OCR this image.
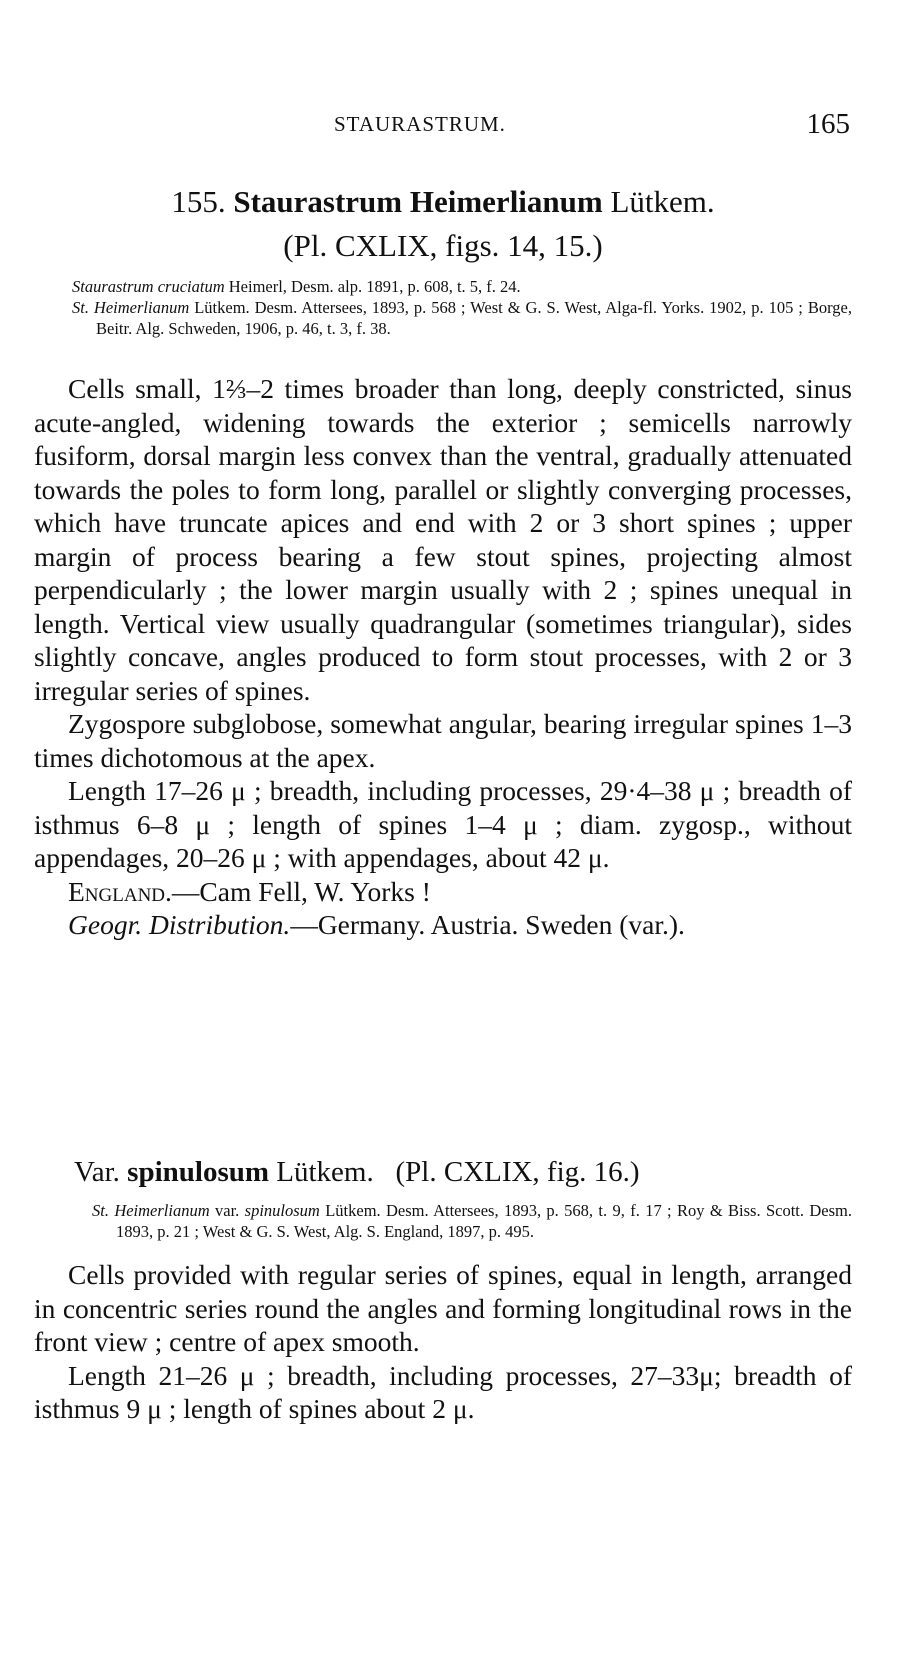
STAURASTRUM.	165
155. Staurastrum Heimerlianum Lütkem.
(Pl. CXLIX, figs. 14, 15.)
Staurastrum cruciatum Heimerl, Desm. alp. 1891, p. 608, t. 5, f. 24.
St. Heimerlianum Lütkem. Desm. Attersees, 1893, p. 568 ; West & G. S. West, Alga-fl. Yorks. 1902, p. 105 ; Borge, Beitr. Alg. Schweden, 1906, p. 46, t. 3, f. 38.

Cells small, 1⅔–2 times broader than long, deeply constricted, sinus acute-angled, widening towards the exterior ; semicells narrowly fusiform, dorsal margin less convex than the ventral, gradually attenuated towards the poles to form long, parallel or slightly converging processes, which have truncate apices and end with 2 or 3 short spines ; upper margin of process bearing a few stout spines, projecting almost perpendicularly ; the lower margin usually with 2 ; spines unequal in length. Vertical view usually quadrangular (sometimes triangular), sides slightly concave, angles produced to form stout processes, with 2 or 3 irregular series of spines.

Zygospore subglobose, somewhat angular, bearing irregular spines 1–3 times dichotomous at the apex.

Length 17–26 μ ; breadth, including processes, 29·4–38 μ ; breadth of isthmus 6–8 μ ; length of spines 1–4 μ ; diam. zygosp., without appendages, 20–26 μ ; with appendages, about 42 μ.

England.—Cam Fell, W. Yorks !

Geogr. Distribution.—Germany. Austria. Sweden (var.).

Var. spinulosum Lütkem. (Pl. CXLIX, fig. 16.)
St. Heimerlianum var. spinulosum Lütkem. Desm. Attersees, 1893, p. 568, t. 9, f. 17 ; Roy & Biss. Scott. Desm. 1893, p. 21 ; West & G. S. West, Alg. S. England, 1897, p. 495.

Cells provided with regular series of spines, equal in length, arranged in concentric series round the angles and forming longitudinal rows in the front view ; centre of apex smooth.

Length 21–26 μ ; breadth, including processes, 27–33μ; breadth of isthmus 9 μ ; length of spines about 2 μ.
